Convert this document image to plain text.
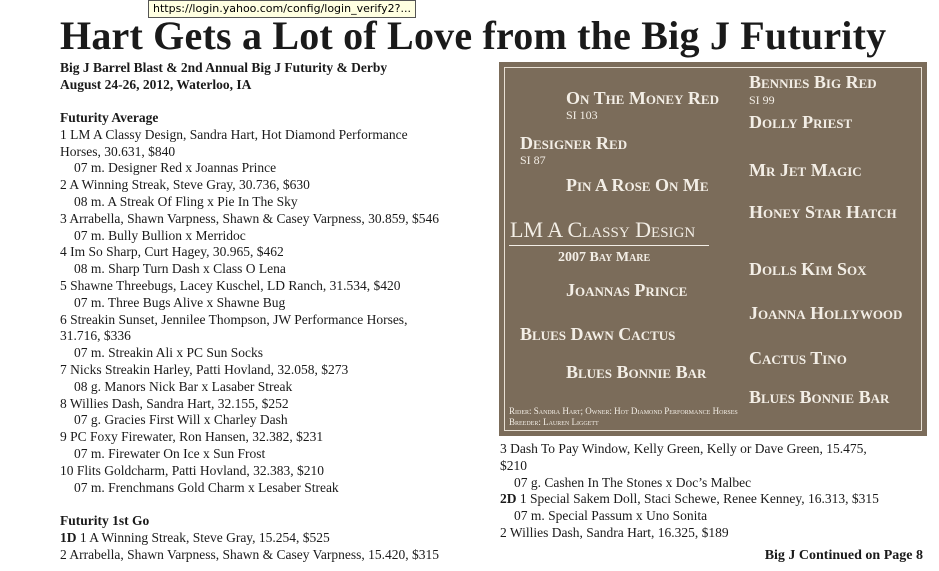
https://login.yahoo.com/config/login_verify2?...
Hart Gets a Lot of Love from the Big J Futurity
Big J Barrel Blast & 2nd Annual Big J Futurity & Derby
August 24-26, 2012, Waterloo, IA
Futurity Average
1 LM A Classy Design, Sandra Hart, Hot Diamond Performance
Horses, 30.631, $840
07 m. Designer Red x Joannas Prince
2 A Winning Streak, Steve Gray, 30.736, $630
08 m. A Streak Of Fling x Pie In The Sky
3 Arrabella, Shawn Varpness, Shawn & Casey Varpness, 30.859, $546
07 m. Bully Bullion x Merridoc
4 Im So Sharp, Curt Hagey, 30.965, $462
08 m. Sharp Turn Dash x Class O Lena
5 Shawne Threebugs, Lacey Kuschel, LD Ranch, 31.534, $420
07 m. Three Bugs Alive x Shawne Bug
6 Streakin Sunset, Jennilee Thompson, JW Performance Horses,
31.716, $336
07 m. Streakin Ali x PC Sun Socks
7 Nicks Streakin Harley, Patti Hovland, 32.058, $273
08 g. Manors Nick Bar x Lasaber Streak
8 Willies Dash, Sandra Hart, 32.155, $252
07 g. Gracies First Will x Charley Dash
9 PC Foxy Firewater, Ron Hansen, 32.382, $231
07 m. Firewater On Ice x Sun Frost
10 Flits Goldcharm, Patti Hovland, 32.383, $210
07 m. Frenchmans Gold Charm x Lesaber Streak
Futurity 1st Go
1D 1 A Winning Streak, Steve Gray, 15.254, $525
2 Arrabella, Shawn Varpness, Shawn & Casey Varpness, 15.420, $315
On The Money Red
SI 103
Designer Red
SI 87
Pin A Rose On Me
Bennies Big Red
SI 99
Dolly Priest
Mr Jet Magic
Honey Star Hatch
LM A Classy Design
2007 Bay Mare
Joannas Prince
Blues Dawn Cactus
Blues Bonnie Bar
Dolls Kim Sox
Joanna Hollywood
Cactus Tino
Blues Bonnie Bar
Rider: Sandra Hart; Owner: Hot Diamond Performance Horses
Breeder: Lauren Liggett
3 Dash To Pay Window, Kelly Green, Kelly or Dave Green, 15.475,
$210
07 g. Cashen In The Stones x Doc’s Malbec
2D 1 Special Sakem Doll, Staci Schewe, Renee Kenney, 16.313, $315
07 m. Special Passum x Uno Sonita
2 Willies Dash, Sandra Hart, 16.325, $189
Big J Continued on Page 8
